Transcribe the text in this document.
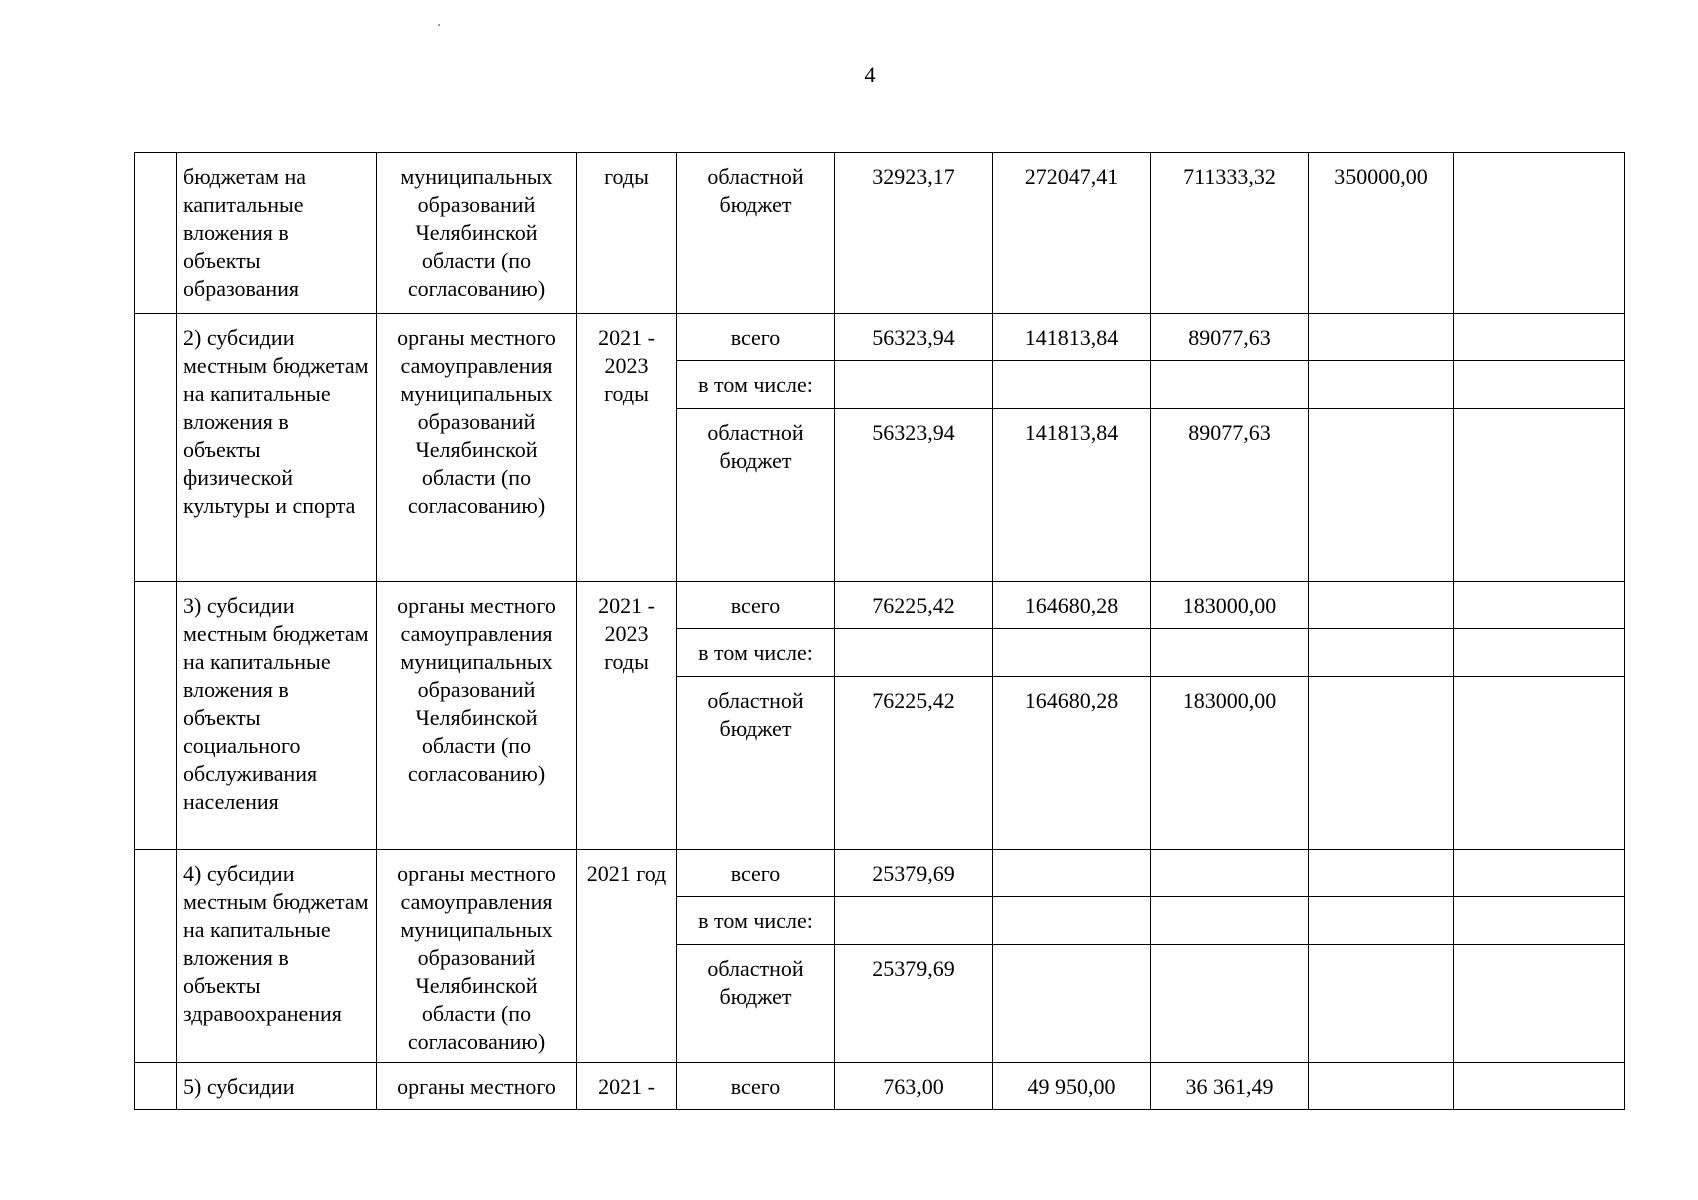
4
	бюджетам на капитальные вложения в объекты образования	муниципальных образований Челябинской области (по согласованию)	годы	областной бюджет	32923,17	272047,41	711333,32	350000,00	
	2) субсидии местным бюджетам на капитальные вложения в объекты физической культуры и спорта	органы местного самоуправления муниципальных образований Челябинской области (по согласованию)	2021 - 2023 годы	всего	56323,94	141813,84	89077,63		
				в том числе:					
				областной бюджет	56323,94	141813,84	89077,63		
	3) субсидии местным бюджетам на капитальные вложения в объекты социального обслуживания населения	органы местного самоуправления муниципальных образований Челябинской области (по согласованию)	2021 - 2023 годы	всего	76225,42	164680,28	183000,00		
				в том числе:					
				областной бюджет	76225,42	164680,28	183000,00		
	4) субсидии местным бюджетам на капитальные вложения в объекты здравоохранения	органы местного самоуправления муниципальных образований Челябинской области (по согласованию)	2021 год	всего	25379,69				
				в том числе:					
				областной бюджет	25379,69				
	5) субсидии	органы местного	2021 -	всего	763,00	49 950,00	36 361,49		
